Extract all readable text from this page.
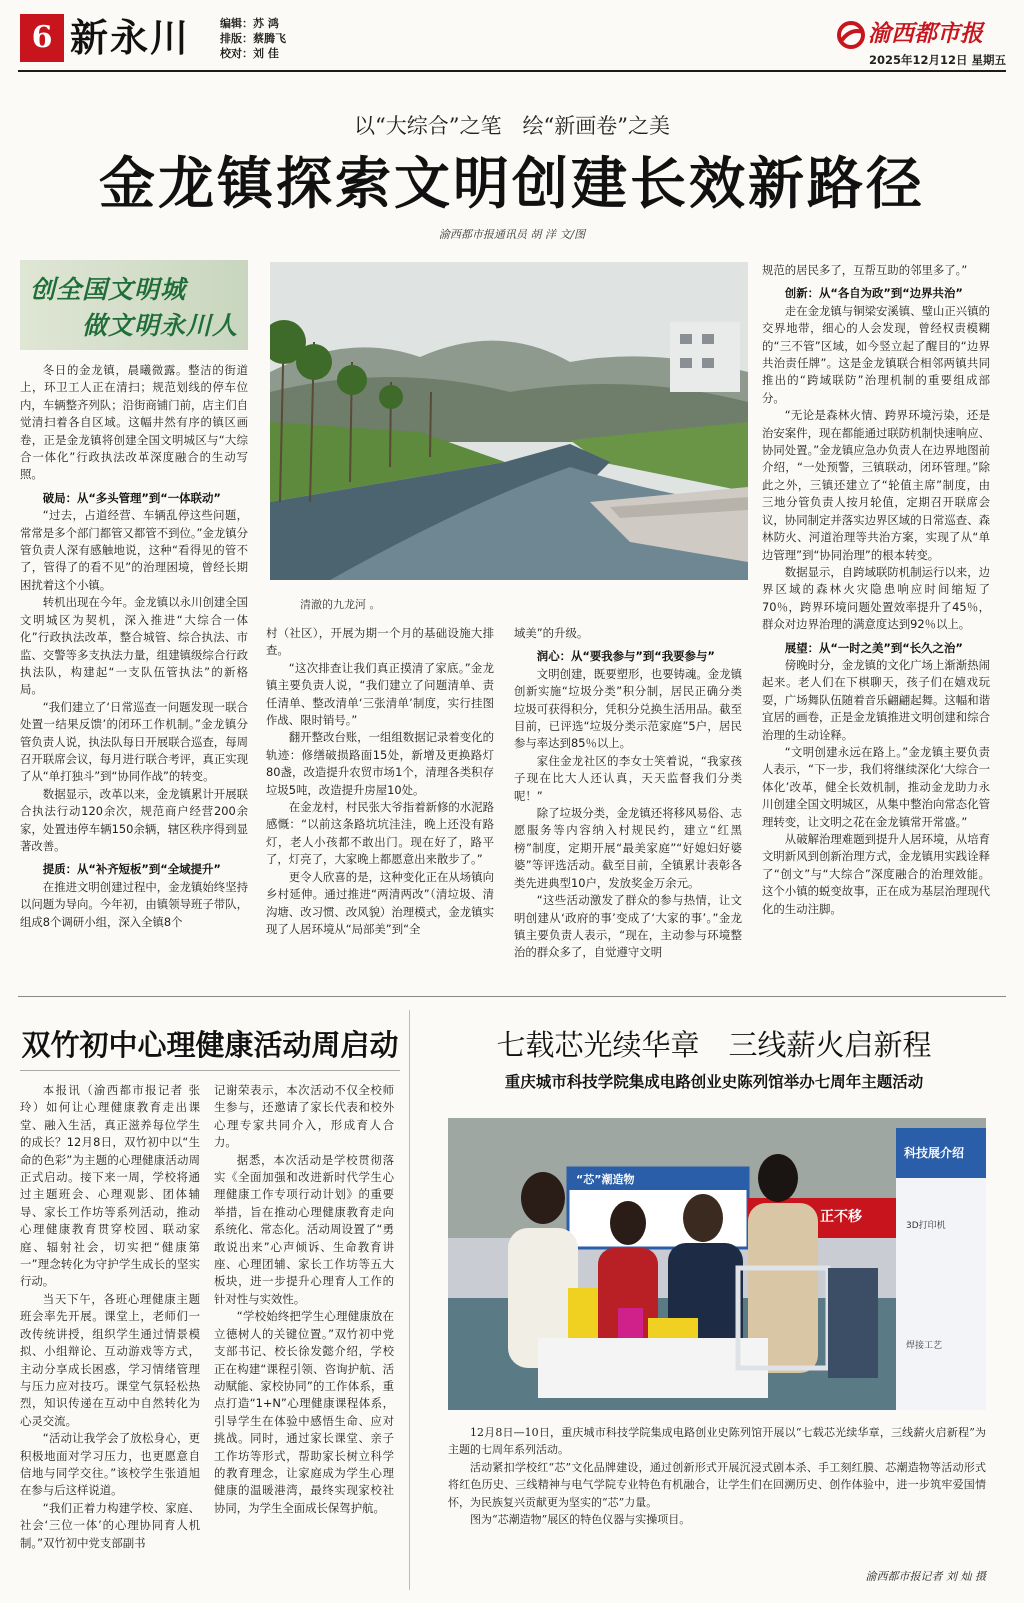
6 新永川	编辑：苏 鸿
排版：蔡腾飞
校对：刘 佳
渝西都市报
2025年12月12日 星期五
以“大综合”之笔　绘“新画卷”之美
金龙镇探索文明创建长效新路径
渝西都市报通讯员 胡 洋 文/图
创全国文明城
做文明永川人
清澈的九龙河 。

冬日的金龙镇，晨曦微露。整洁的街道上，环卫工人正在清扫；规范划线的停车位内，车辆整齐列队；沿街商铺门前，店主们自觉清扫着各自区域。这幅井然有序的镇区画卷，正是金龙镇将创建全国文明城区与“大综合一体化”行政执法改革深度融合的生动写照。

破局：从“多头管理”到“一体联动”

“过去，占道经营、车辆乱停这些问题，常常是多个部门都管又都管不到位。”金龙镇分管负责人深有感触地说，这种“看得见的管不了，管得了的看不见”的治理困境，曾经长期困扰着这个小镇。

转机出现在今年。金龙镇以永川创建全国文明城区为契机，深入推进“大综合一体化”行政执法改革，整合城管、综合执法、市监、交警等多支执法力量，组建镇级综合行政执法队，构建起“一支队伍管执法”的新格局。

“我们建立了‘日常巡查一问题发现一联合处置一结果反馈’的闭环工作机制。”金龙镇分管负责人说，执法队每日开展联合巡查，每周召开联席会议，每月进行联合考评，真正实现了从“单打独斗”到“协同作战”的转变。

数据显示，改革以来，金龙镇累计开展联合执法行动120余次，规范商户经营200余家，处置违停车辆150余辆，辖区秩序得到显著改善。

提质：从“补齐短板”到“全域提升”

在推进文明创建过程中，金龙镇始终坚持以问题为导向。今年初，由镇领导班子带队，组成8个调研小组，深入全镇8个

村（社区），开展为期一个月的基础设施大排查。

“这次排查让我们真正摸清了家底。”金龙镇主要负责人说，“我们建立了问题清单、责任清单、整改清单‘三张清单’制度，实行挂图作战、限时销号。”

翻开整改台账，一组组数据记录着变化的轨迹：修缮破损路面15处，新增及更换路灯80盏，改造提升农贸市场1个，清理各类积存垃圾5吨，改造提升房屋10处。

在金龙村，村民张大爷指着新修的水泥路感慨：“以前这条路坑坑洼洼，晚上还没有路灯，老人小孩都不敢出门。现在好了，路平了，灯亮了，大家晚上都愿意出来散步了。”

更令人欣喜的是，这种变化正在从场镇向乡村延伸。通过推进“两清两改”（清垃圾、清沟塘、改习惯、改风貌）治理模式，金龙镇实现了人居环境从“局部美”到“全

域美”的升级。

润心：从“要我参与”到“我要参与”

文明创建，既要塑形，也要铸魂。金龙镇创新实施“垃圾分类”积分制，居民正确分类垃圾可获得积分，凭积分兑换生活用品。截至目前，已评选“垃圾分类示范家庭”5户，居民参与率达到85％以上。

家住金龙社区的李女士笑着说，“我家孩子现在比大人还认真，天天监督我们分类呢！”

除了垃圾分类，金龙镇还将移风易俗、志愿服务等内容纳入村规民约，建立“红黑榜”制度，定期开展“最美家庭”“好媳妇好婆婆”等评选活动。截至目前，全镇累计表彰各类先进典型10户，发放奖金万余元。

“这些活动激发了群众的参与热情，让文明创建从‘政府的事’变成了‘大家的事’。”金龙镇主要负责人表示，“现在，主动参与环境整治的群众多了，自觉遵守文明

规范的居民多了，互帮互助的邻里多了。”

创新：从“各自为政”到“边界共治”

走在金龙镇与铜梁安溪镇、璧山正兴镇的交界地带，细心的人会发现，曾经权责模糊的“三不管”区域，如今竖立起了醒目的“边界共治责任牌”。这是金龙镇联合相邻两镇共同推出的“跨域联防”治理机制的重要组成部分。

“无论是森林火情、跨界环境污染，还是治安案件，现在都能通过联防机制快速响应、协同处置。”金龙镇应急办负责人在边界地图前介绍，“一处预警，三镇联动，闭环管理。”除此之外，三镇还建立了“轮值主席”制度，由三地分管负责人按月轮值，定期召开联席会议，协同制定并落实边界区域的日常巡查、森林防火、河道治理等共治方案，实现了从“单边管理”到“协同治理”的根本转变。

数据显示，自跨域联防机制运行以来，边界区域的森林火灾隐患响应时间缩短了70％，跨界环境问题处置效率提升了45％，群众对边界治理的满意度达到92％以上。

展望：从“一时之美”到“长久之治”

傍晚时分，金龙镇的文化广场上渐渐热闹起来。老人们在下棋聊天，孩子们在嬉戏玩耍，广场舞队伍随着音乐翩翩起舞。这幅和谐宜居的画卷，正是金龙镇推进文明创建和综合治理的生动诠释。

“文明创建永远在路上。”金龙镇主要负责人表示，“下一步，我们将继续深化‘大综合一体化’改革，健全长效机制，推动金龙助力永川创建全国文明城区，从集中整治向常态化管理转变，让文明之花在金龙镇常开常盛。”

从破解治理难题到提升人居环境，从培育文明新风到创新治理方式，金龙镇用实践诠释了“创文”与“大综合”深度融合的治理效能。这个小镇的蜕变故事，正在成为基层治理现代化的生动注脚。

双竹初中心理健康活动周启动

本报讯（渝西都市报记者 张玲）如何让心理健康教育走出课堂、融入生活，真正滋养每位学生的成长？12月8日，双竹初中以“生命的色彩”为主题的心理健康活动周正式启动。接下来一周，学校将通过主题班会、心理观影、团体辅导、家长工作坊等系列活动，推动心理健康教育贯穿校园、联动家庭、辐射社会，切实把“健康第一”理念转化为守护学生成长的坚实行动。

当天下午，各班心理健康主题班会率先开展。课堂上，老师们一改传统讲授，组织学生通过情景模拟、小组辩论、互动游戏等方式，主动分享成长困惑，学习情绪管理与压力应对技巧。课堂气氛轻松热烈，知识传递在互动中自然转化为心灵交流。

“活动让我学会了放松身心，更积极地面对学习压力，也更愿意自信地与同学交往。”该校学生张逍旭在参与后这样说道。

“我们正着力构建学校、家庭、社会‘三位一体’的心理协同育人机制。”双竹初中党支部副书

记谢荣表示，本次活动不仅全校师生参与，还邀请了家长代表和校外心理专家共同介入，形成育人合力。

据悉，本次活动是学校贯彻落实《全面加强和改进新时代学生心理健康工作专项行动计划》的重要举措，旨在推动心理健康教育走向系统化、常态化。活动周设置了“勇敢说出来”心声倾诉、生命教育讲座、心理团辅、家长工作坊等五大板块，进一步提升心理育人工作的针对性与实效性。

“学校始终把学生心理健康放在立德树人的关键位置。”双竹初中党支部书记、校长徐发懿介绍，学校正在构建“课程引领、咨询护航、活动赋能、家校协同”的工作体系，重点打造“1+N”心理健康课程体系，引导学生在体验中感悟生命、应对挑战。同时，通过家长课堂、亲子工作坊等形式，帮助家长树立科学的教育理念，让家庭成为学生心理健康的温暖港湾，最终实现家校社协同，为学生全面成长保驾护航。

七载芯光续华章　三线薪火启新程
重庆城市科技学院集成电路创业史陈列馆举办七周年主题活动
“芯”潮造物
科技展介绍
正不移
3D打印机
焊接工艺

12月8日—10日，重庆城市科技学院集成电路创业史陈列馆开展以“七载芯光续华章，三线薪火启新程”为主题的七周年系列活动。

活动紧扣学校红“芯”文化品牌建设，通过创新形式开展沉浸式剧本杀、手工刻红膜、芯潮造物等活动形式将红色历史、三线精神与电气学院专业特色有机融合，让学生们在回溯历史、创作体验中，进一步筑牢爱国情怀，为民族复兴贡献更为坚实的“芯”力量。

图为“芯潮造物”展区的特色仪器与实操项目。

渝西都市报记者 刘 灿 摄
